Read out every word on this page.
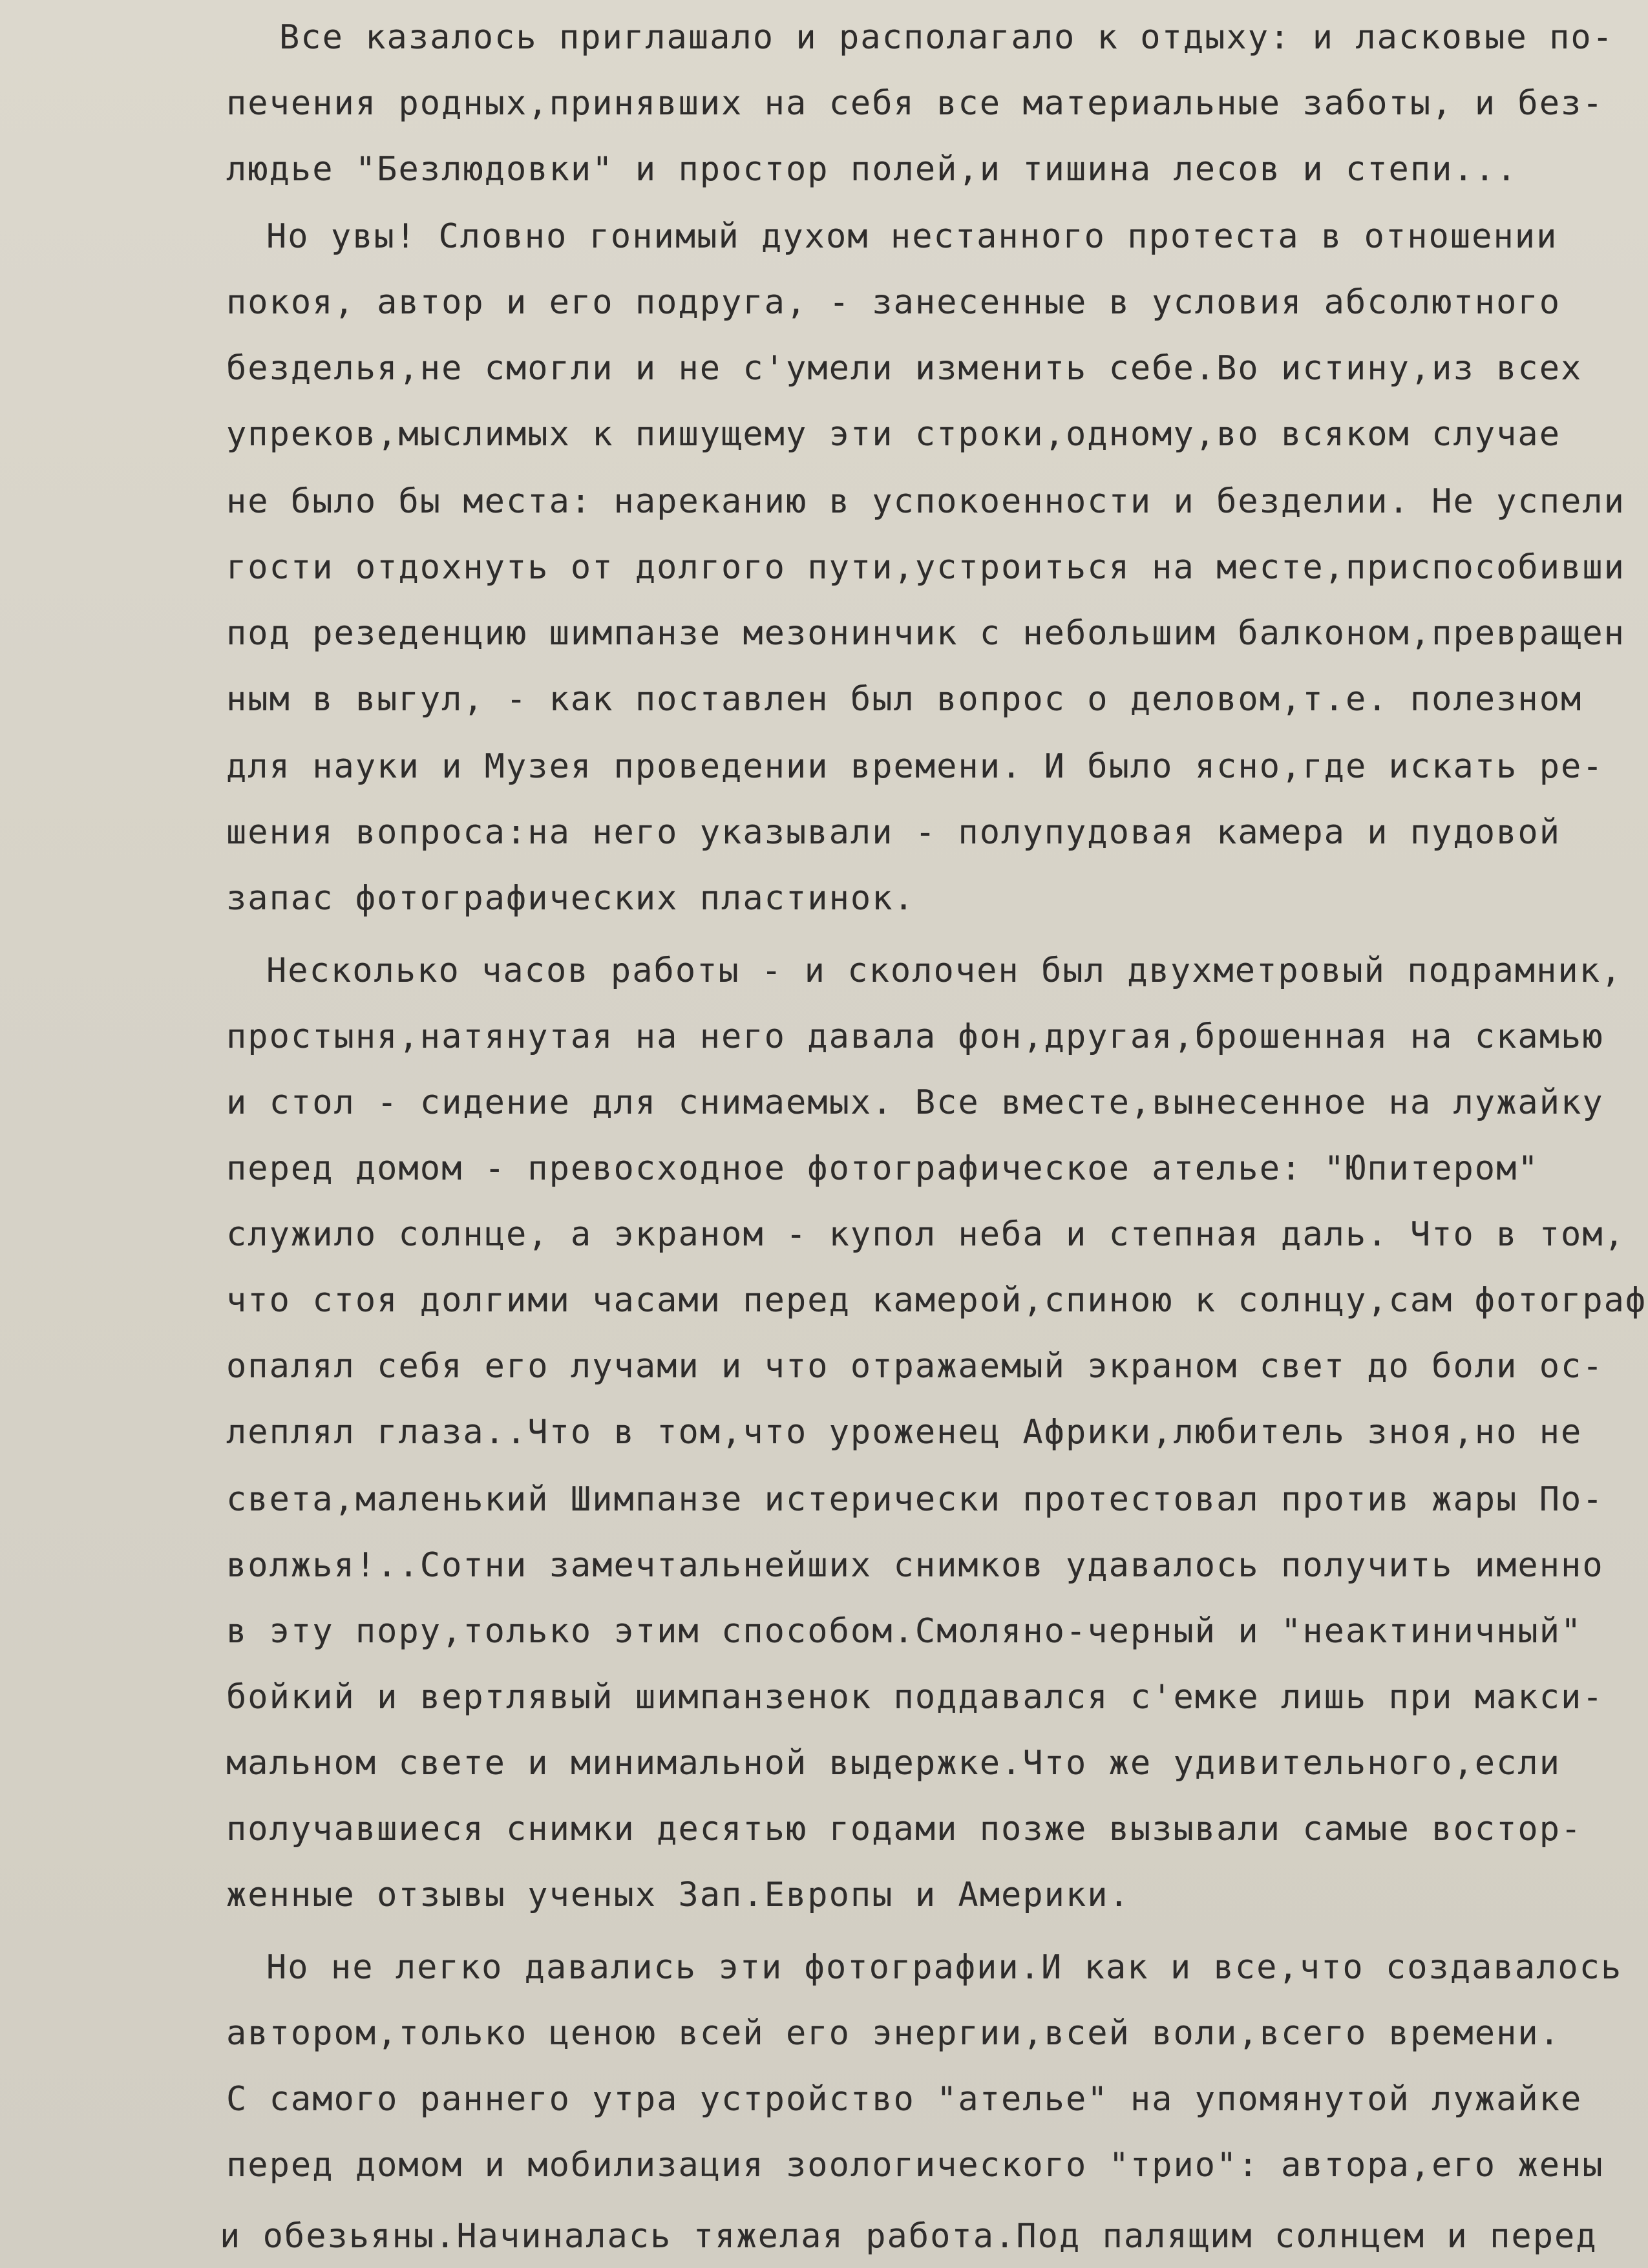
Все казалось приглашало и располагало к отдыху: и ласковые по-

печения родных,принявших на себя все материальные заботы, и без-

людье "Безлюдовки" и простор полей,и тишина лесов и степи...

Но увы! Словно гонимый духом нестанного протеста в отношении

покоя, автор и его подруга, - занесенные в условия абсолютного

безделья,не смогли и не с'умели изменить себе.Во истину,из всех

упреков,мыслимых к пишущему эти строки,одному,во всяком случае

не было бы места: нареканию в успокоенности и безделии. Не успели

гости отдохнуть от долгого пути,устроиться на месте,приспособивши

под резеденцию шимпанзе мезонинчик с небольшим балконом,превращен

ным в выгул, - как поставлен был вопрос о деловом,т.е. полезном

для науки и Музея проведении времени. И было ясно,где искать ре-

шения вопроса:на него указывали - полупудовая камера и пудовой

запас фотографических пластинок.

Несколько часов работы - и сколочен был двухметровый подрамник,

простыня,натянутая на него давала фон,другая,брошенная на скамью

и стол - сидение для снимаемых. Все вместе,вынесенное на лужайку

перед домом - превосходное фотографическое ателье: "Юпитером"

служило солнце, а экраном - купол неба и степная даль. Что в том,

что стоя долгими часами перед камерой,спиною к солнцу,сам фотограф

опалял себя его лучами и что отражаемый экраном свет до боли ос-

леплял глаза..Что в том,что уроженец Африки,любитель зноя,но не

света,маленький Шимпанзе истерически протестовал против жары По-

волжья!..Сотни замечтальнейших снимков удавалось получить именно

в эту пору,только этим способом.Смоляно-черный и "неактиничный"

бойкий и вертлявый шимпанзенок поддавался с'емке лишь при макси-

мальном свете и минимальной выдержке.Что же удивительного,если

получавшиеся снимки десятью годами позже вызывали самые востор-

женные отзывы ученых Зап.Европы и Америки.

Но не легко давались эти фотографии.И как и все,что создавалось

автором,только ценою всей его энергии,всей воли,всего времени.

С самого раннего утра устройство "ателье" на упомянутой лужайке

перед домом и мобилизация зоологического "трио": автора,его жены

и обезьяны.Начиналась тяжелая работа.Под палящим солнцем и перед
